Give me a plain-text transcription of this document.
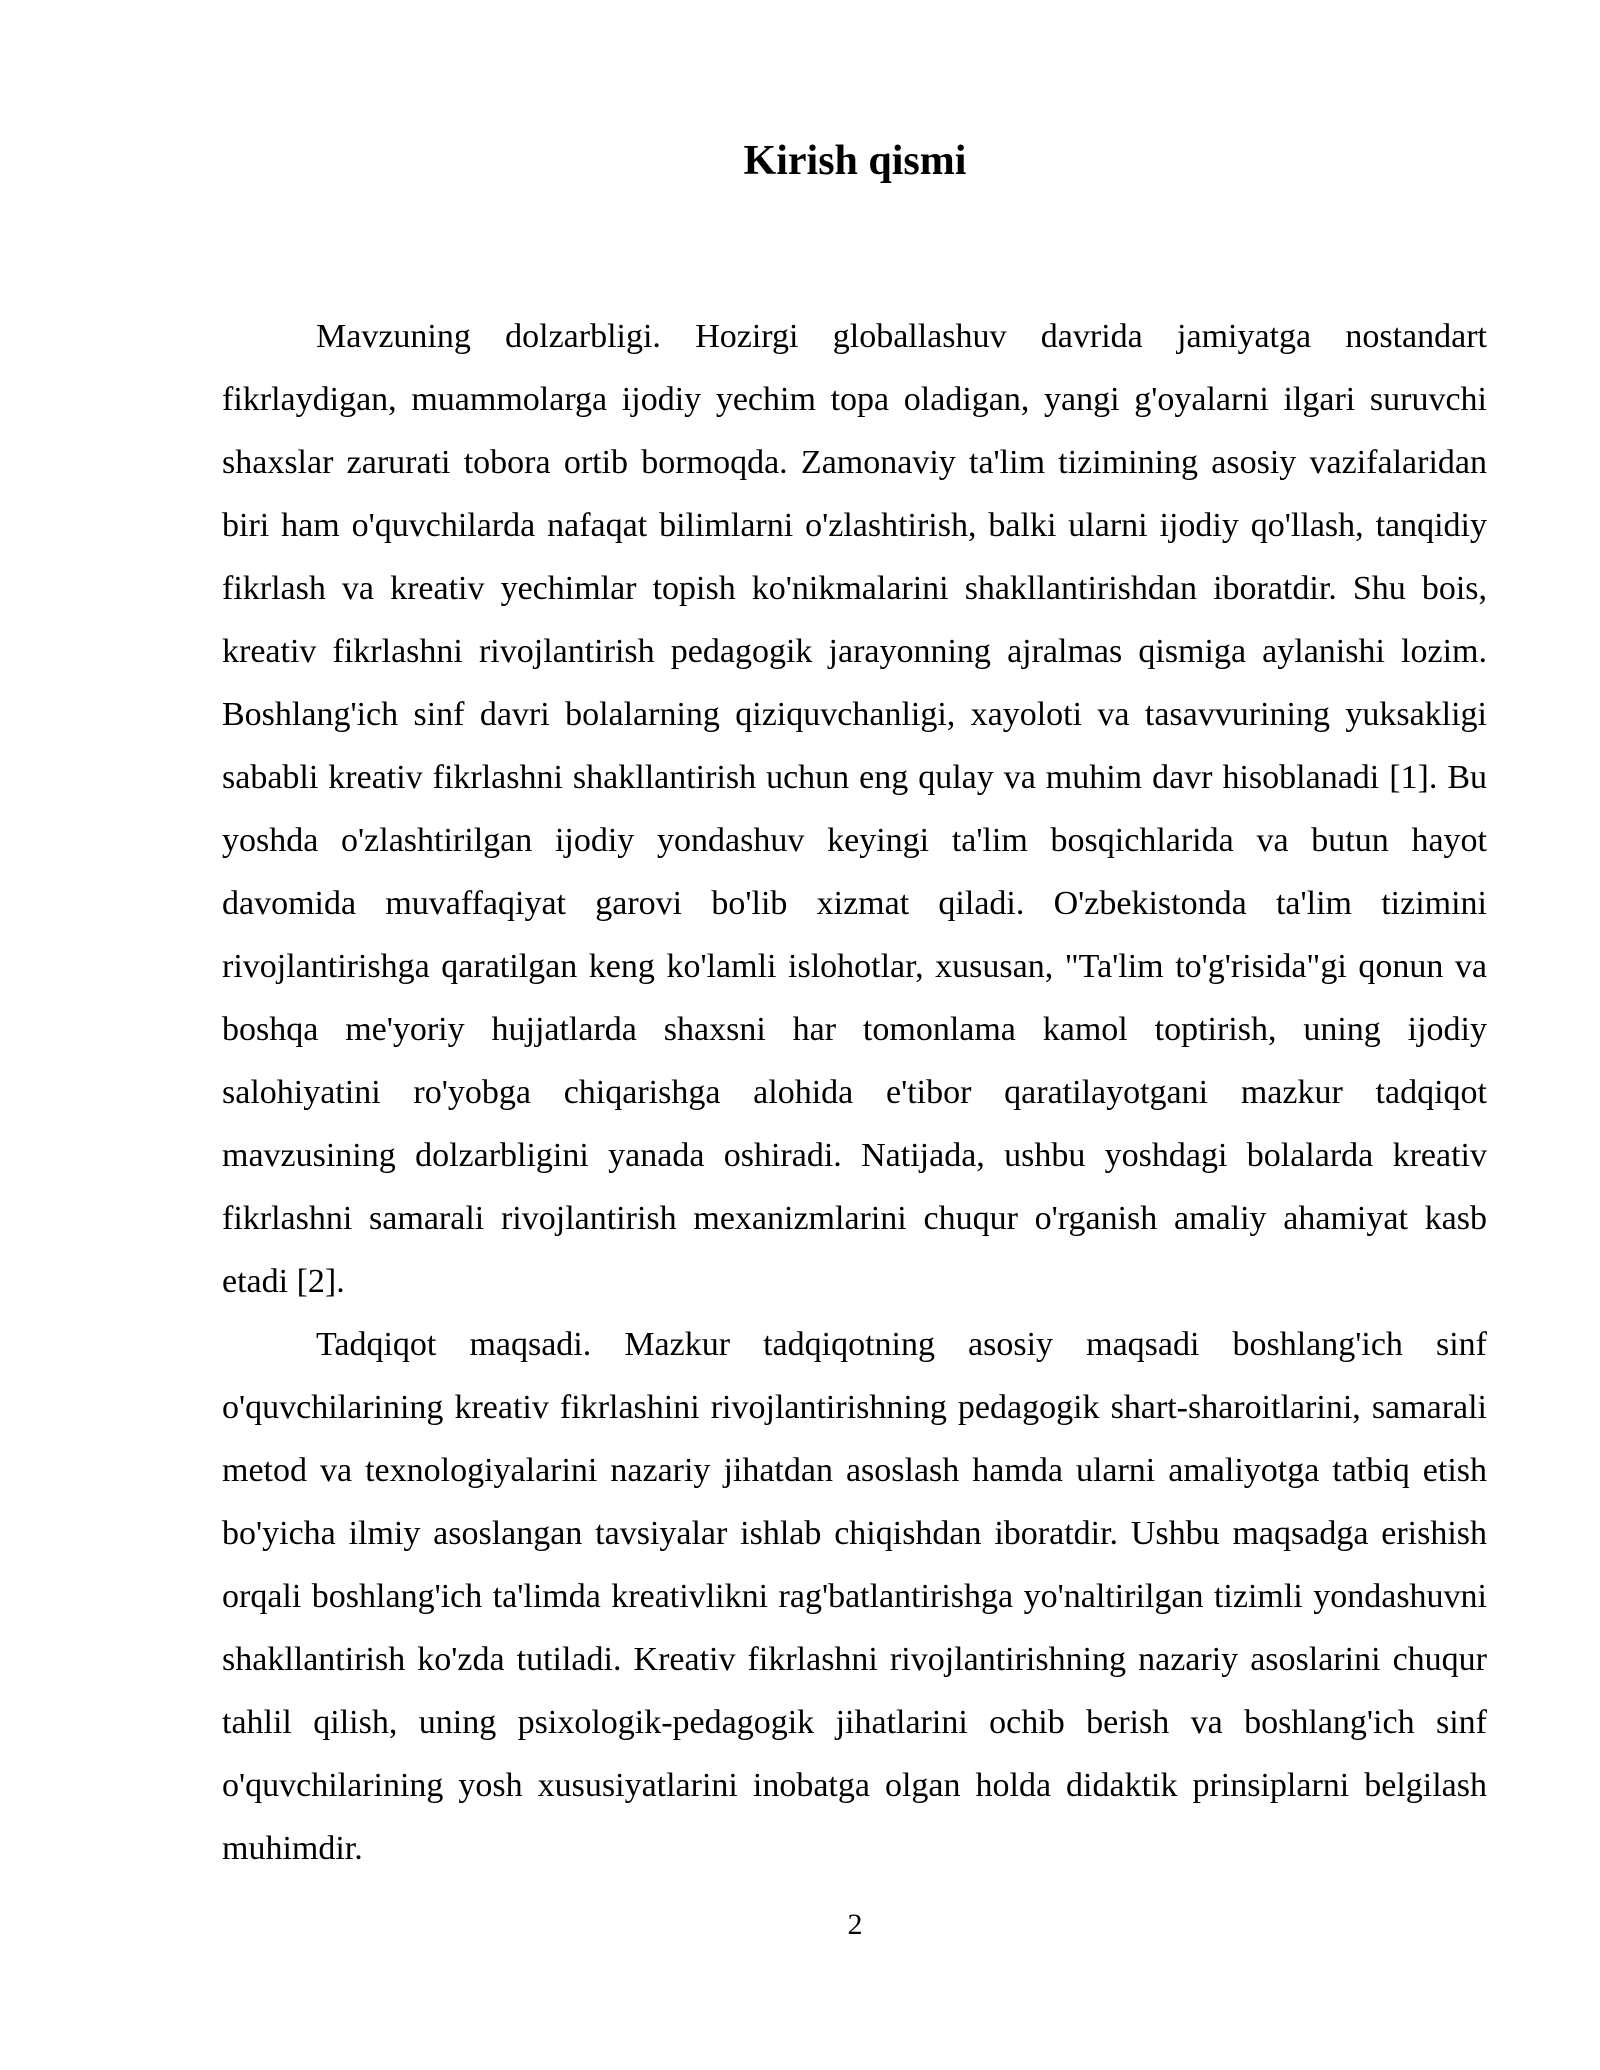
Kirish qismi

Mavzuning dolzarbligi. Hozirgi globallashuv davrida jamiyatga nostandart fikrlaydigan, muammolarga ijodiy yechim topa oladigan, yangi g'oyalarni ilgari suruvchi shaxslar zarurati tobora ortib bormoqda. Zamonaviy ta'lim tizimining asosiy vazifalaridan biri ham o'quvchilarda nafaqat bilimlarni o'zlashtirish, balki ularni ijodiy qo'llash, tanqidiy fikrlash va kreativ yechimlar topish ko'nikmalarini shakllantirishdan iboratdir. Shu bois, kreativ fikrlashni rivojlantirish pedagogik jarayonning ajralmas qismiga aylanishi lozim. Boshlang'ich sinf davri bolalarning qiziquvchanligi, xayoloti va tasavvurining yuksakligi sababli kreativ fikrlashni shakllantirish uchun eng qulay va muhim davr hisoblanadi [1]. Bu yoshda o'zlashtirilgan ijodiy yondashuv keyingi ta'lim bosqichlarida va butun hayot davomida muvaffaqiyat garovi bo'lib xizmat qiladi. O'zbekistonda ta'lim tizimini rivojlantirishga qaratilgan keng ko'lamli islohotlar, xususan, "Ta'lim to'g'risida"gi qonun va boshqa me'yoriy hujjatlarda shaxsni har tomonlama kamol toptirish, uning ijodiy salohiyatini ro'yobga chiqarishga alohida e'tibor qaratilayotgani mazkur tadqiqot mavzusining dolzarbligini yanada oshiradi. Natijada, ushbu yoshdagi bolalarda kreativ fikrlashni samarali rivojlantirish mexanizmlarini chuqur o'rganish amaliy ahamiyat kasb etadi [2].

Tadqiqot maqsadi. Mazkur tadqiqotning asosiy maqsadi boshlang'ich sinf o'quvchilarining kreativ fikrlashini rivojlantirishning pedagogik shart-sharoitlarini, samarali metod va texnologiyalarini nazariy jihatdan asoslash hamda ularni amaliyotga tatbiq etish bo'yicha ilmiy asoslangan tavsiyalar ishlab chiqishdan iboratdir. Ushbu maqsadga erishish orqali boshlang'ich ta'limda kreativlikni rag'batlantirishga yo'naltirilgan tizimli yondashuvni shakllantirish ko'zda tutiladi. Kreativ fikrlashni rivojlantirishning nazariy asoslarini chuqur tahlil qilish, uning psixologik-pedagogik jihatlarini ochib berish va boshlang'ich sinf o'quvchilarining yosh xususiyatlarini inobatga olgan holda didaktik prinsiplarni belgilash muhimdir.

2
